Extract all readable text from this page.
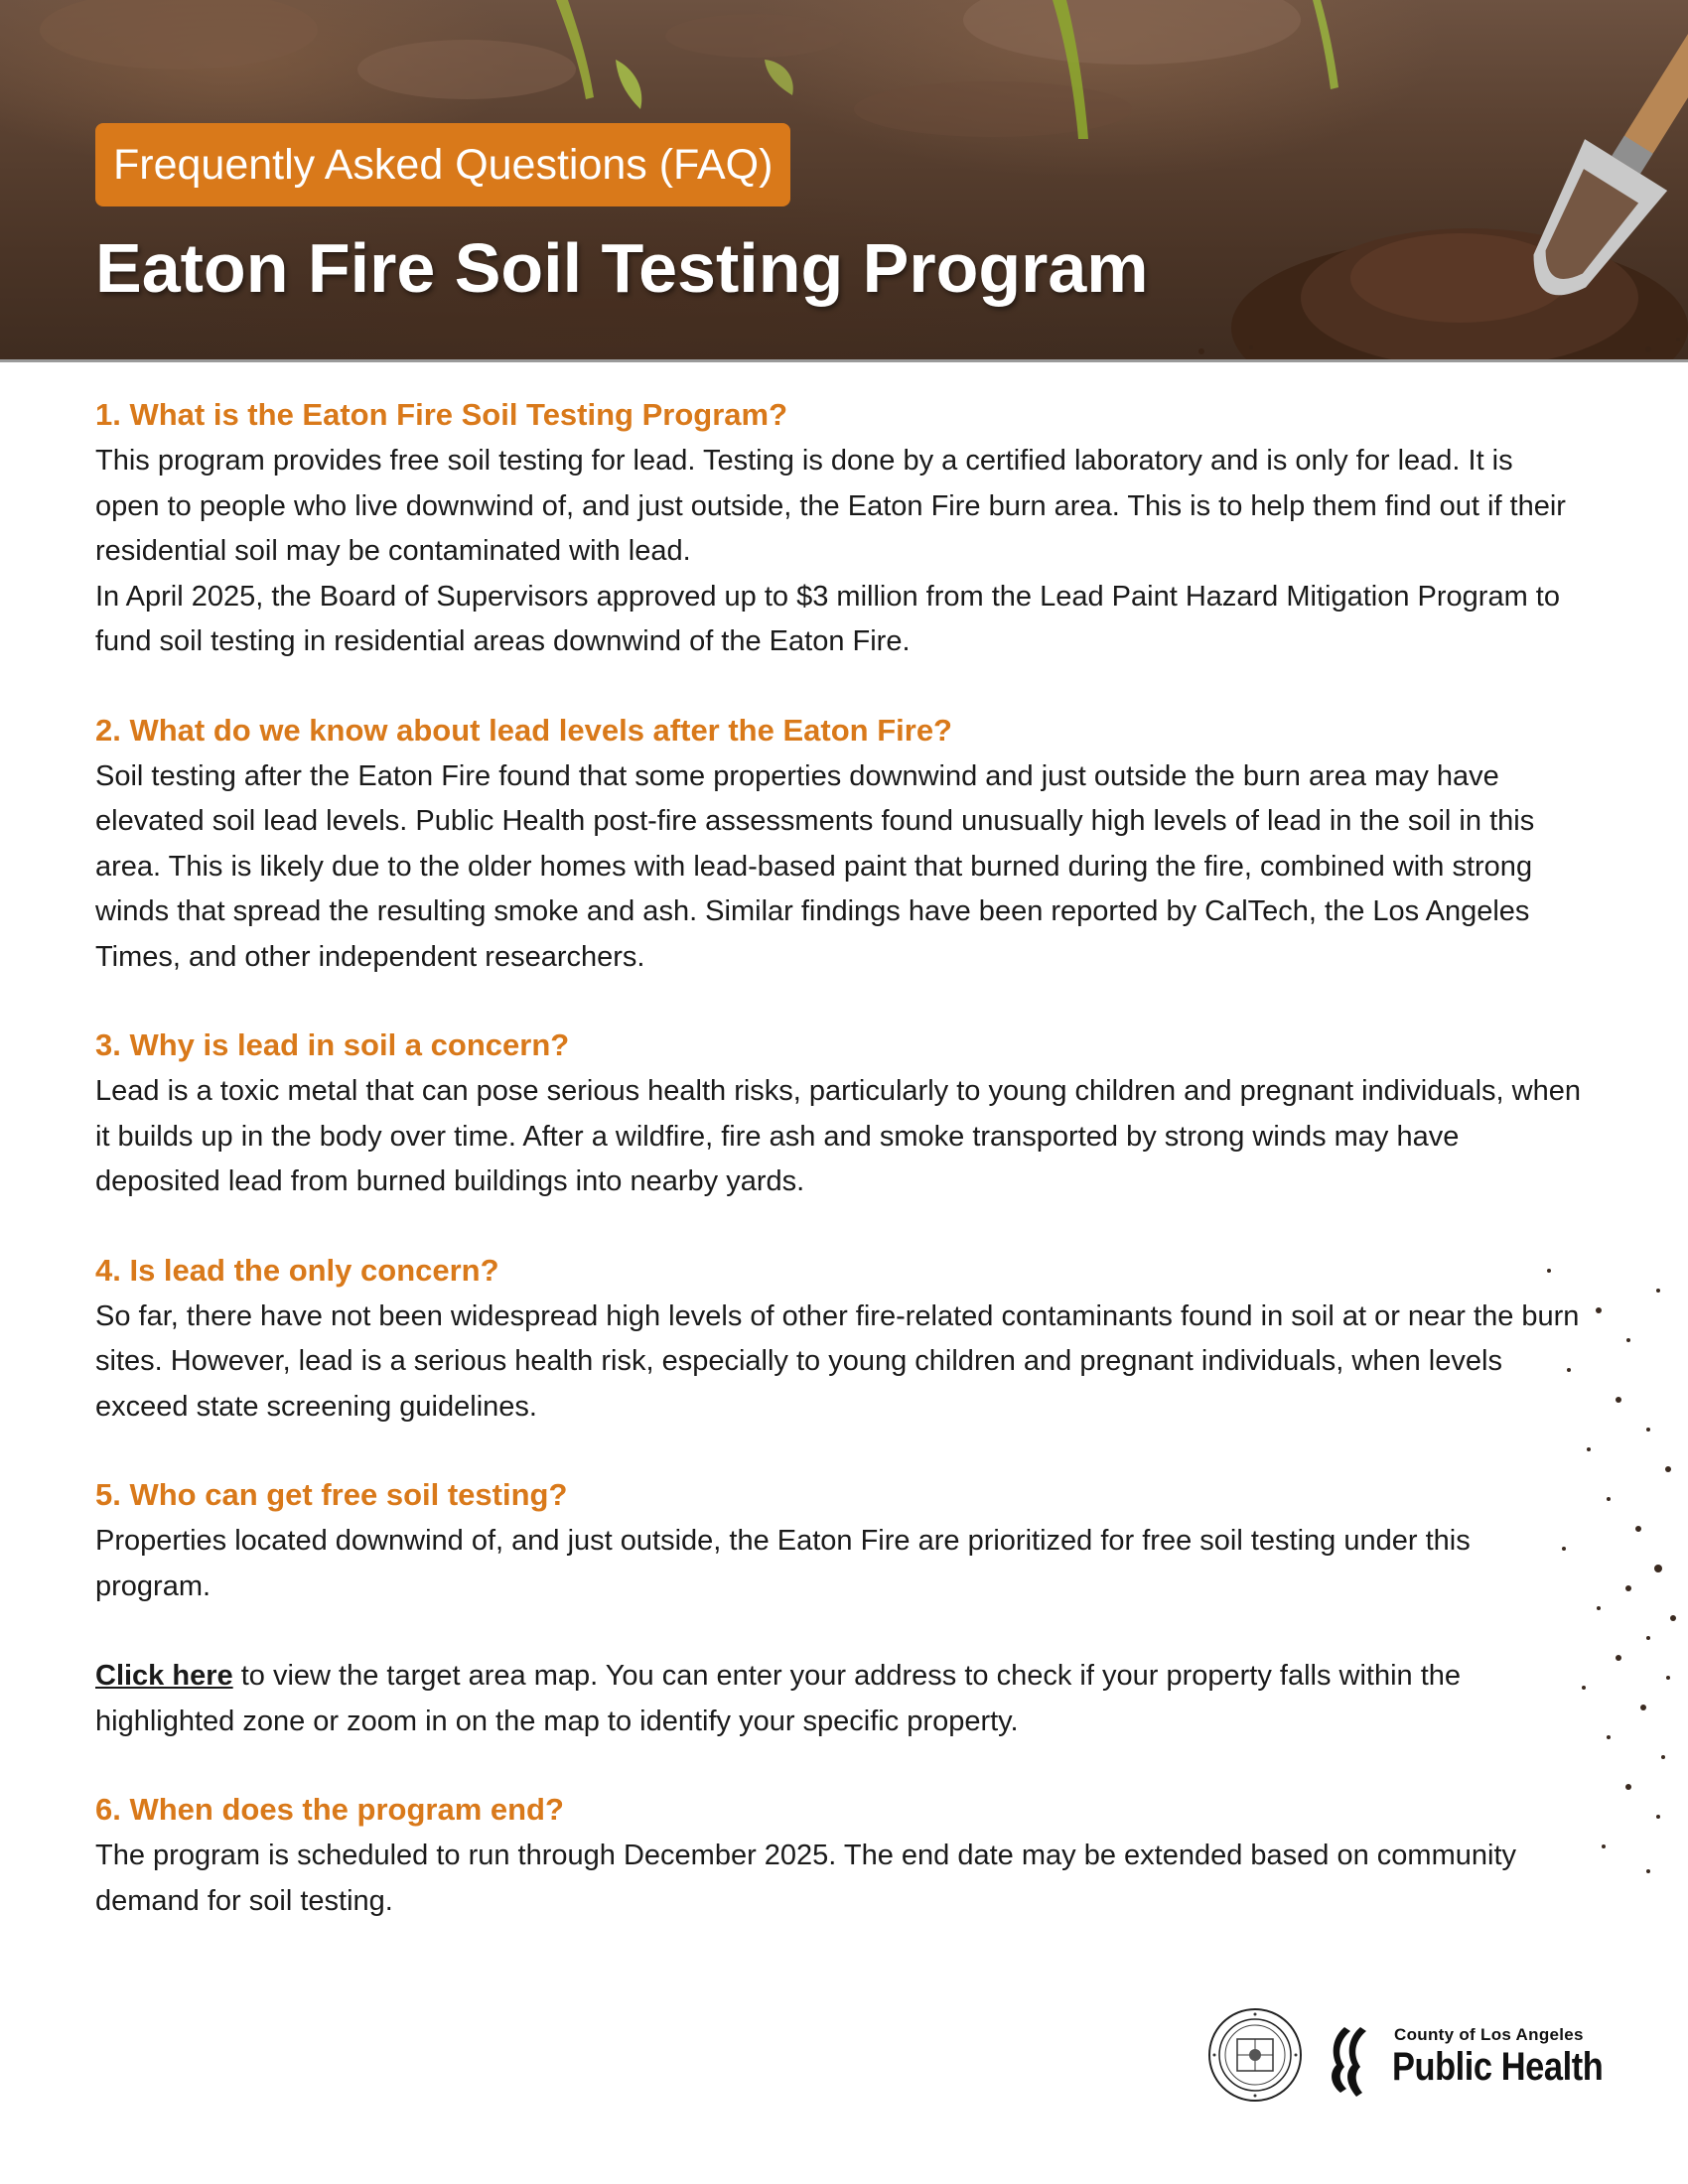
Frequently Asked Questions (FAQ)
Eaton Fire Soil Testing Program
1. What is the Eaton Fire Soil Testing Program?

This program provides free soil testing for lead. Testing is done by a certified laboratory and is only for lead. It is open to people who live downwind of, and just outside, the Eaton Fire burn area. This is to help them find out if their residential soil may be contaminated with lead.

In April 2025, the Board of Supervisors approved up to $3 million from the Lead Paint Hazard Mitigation Program to fund soil testing in residential areas downwind of the Eaton Fire.

2. What do we know about lead levels after the Eaton Fire?

Soil testing after the Eaton Fire found that some properties downwind and just outside the burn area may have elevated soil lead levels. Public Health post-fire assessments found unusually high levels of lead in the soil in this area. This is likely due to the older homes with lead-based paint that burned during the fire, combined with strong winds that spread the resulting smoke and ash. Similar findings have been reported by CalTech, the Los Angeles Times, and other independent researchers.

3. Why is lead in soil a concern?

Lead is a toxic metal that can pose serious health risks, particularly to young children and pregnant individuals, when it builds up in the body over time. After a wildfire, fire ash and smoke transported by strong winds may have deposited lead from burned buildings into nearby yards.

4. Is lead the only concern?

So far, there have not been widespread high levels of other fire-related contaminants found in soil at or near the burn sites. However, lead is a serious health risk, especially to young children and pregnant individuals, when levels exceed state screening guidelines.

5. Who can get free soil testing?

Properties located downwind of, and just outside, the Eaton Fire are prioritized for free soil testing under this program.

Click here to view the target area map. You can enter your address to check if your property falls within the highlighted zone or zoom in on the map to identify your specific property.

6. When does the program end?

The program is scheduled to run through December 2025. The end date may be extended based on community demand for soil testing.

County of Los Angeles
Public Health
